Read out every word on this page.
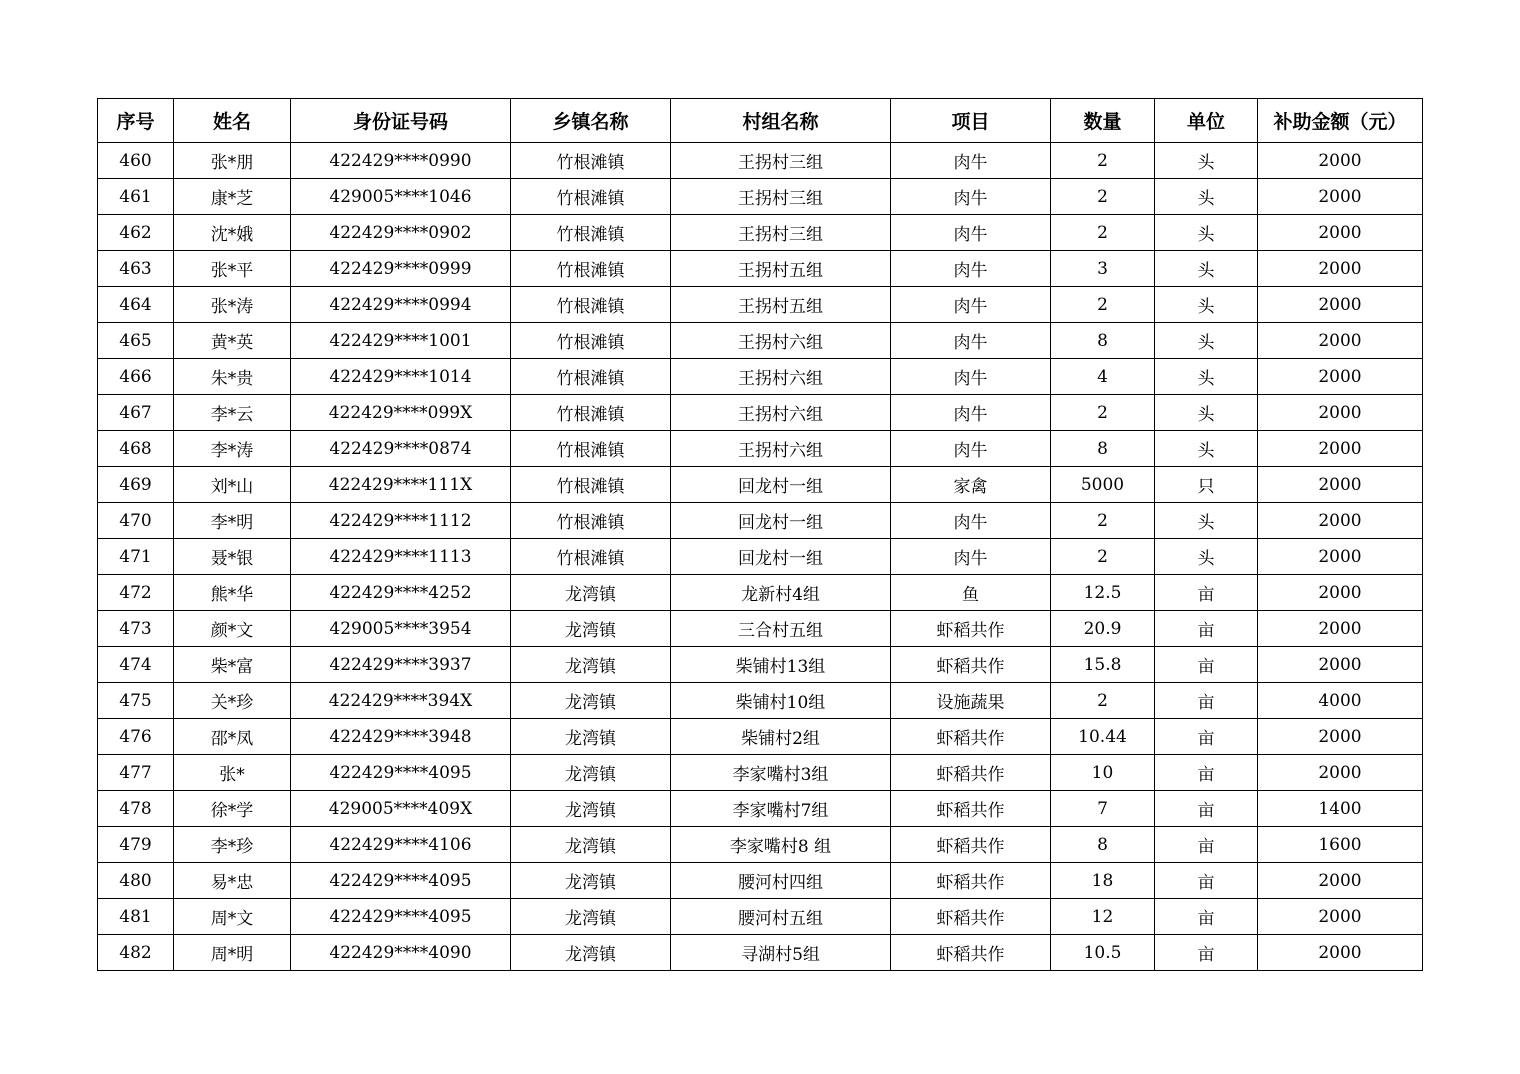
序号	姓名	身份证号码	乡镇名称	村组名称	项目	数量	单位	补助金额（元）
460	张*朋	422429****0990	竹根滩镇	王拐村三组	肉牛	2	头	2000
461	康*芝	429005****1046	竹根滩镇	王拐村三组	肉牛	2	头	2000
462	沈*娥	422429****0902	竹根滩镇	王拐村三组	肉牛	2	头	2000
463	张*平	422429****0999	竹根滩镇	王拐村五组	肉牛	3	头	2000
464	张*涛	422429****0994	竹根滩镇	王拐村五组	肉牛	2	头	2000
465	黄*英	422429****1001	竹根滩镇	王拐村六组	肉牛	8	头	2000
466	朱*贵	422429****1014	竹根滩镇	王拐村六组	肉牛	4	头	2000
467	李*云	422429****099X	竹根滩镇	王拐村六组	肉牛	2	头	2000
468	李*涛	422429****0874	竹根滩镇	王拐村六组	肉牛	8	头	2000
469	刘*山	422429****111X	竹根滩镇	回龙村一组	家禽	5000	只	2000
470	李*明	422429****1112	竹根滩镇	回龙村一组	肉牛	2	头	2000
471	聂*银	422429****1113	竹根滩镇	回龙村一组	肉牛	2	头	2000
472	熊*华	422429****4252	龙湾镇	龙新村4组	鱼	12.5	亩	2000
473	颜*文	429005****3954	龙湾镇	三合村五组	虾稻共作	20.9	亩	2000
474	柴*富	422429****3937	龙湾镇	柴铺村13组	虾稻共作	15.8	亩	2000
475	关*珍	422429****394X	龙湾镇	柴铺村10组	设施蔬果	2	亩	4000
476	邵*凤	422429****3948	龙湾镇	柴铺村2组	虾稻共作	10.44	亩	2000
477	张*	422429****4095	龙湾镇	李家嘴村3组	虾稻共作	10	亩	2000
478	徐*学	429005****409X	龙湾镇	李家嘴村7组	虾稻共作	7	亩	1400
479	李*珍	422429****4106	龙湾镇	李家嘴村8 组	虾稻共作	8	亩	1600
480	易*忠	422429****4095	龙湾镇	腰河村四组	虾稻共作	18	亩	2000
481	周*文	422429****4095	龙湾镇	腰河村五组	虾稻共作	12	亩	2000
482	周*明	422429****4090	龙湾镇	寻湖村5组	虾稻共作	10.5	亩	2000
